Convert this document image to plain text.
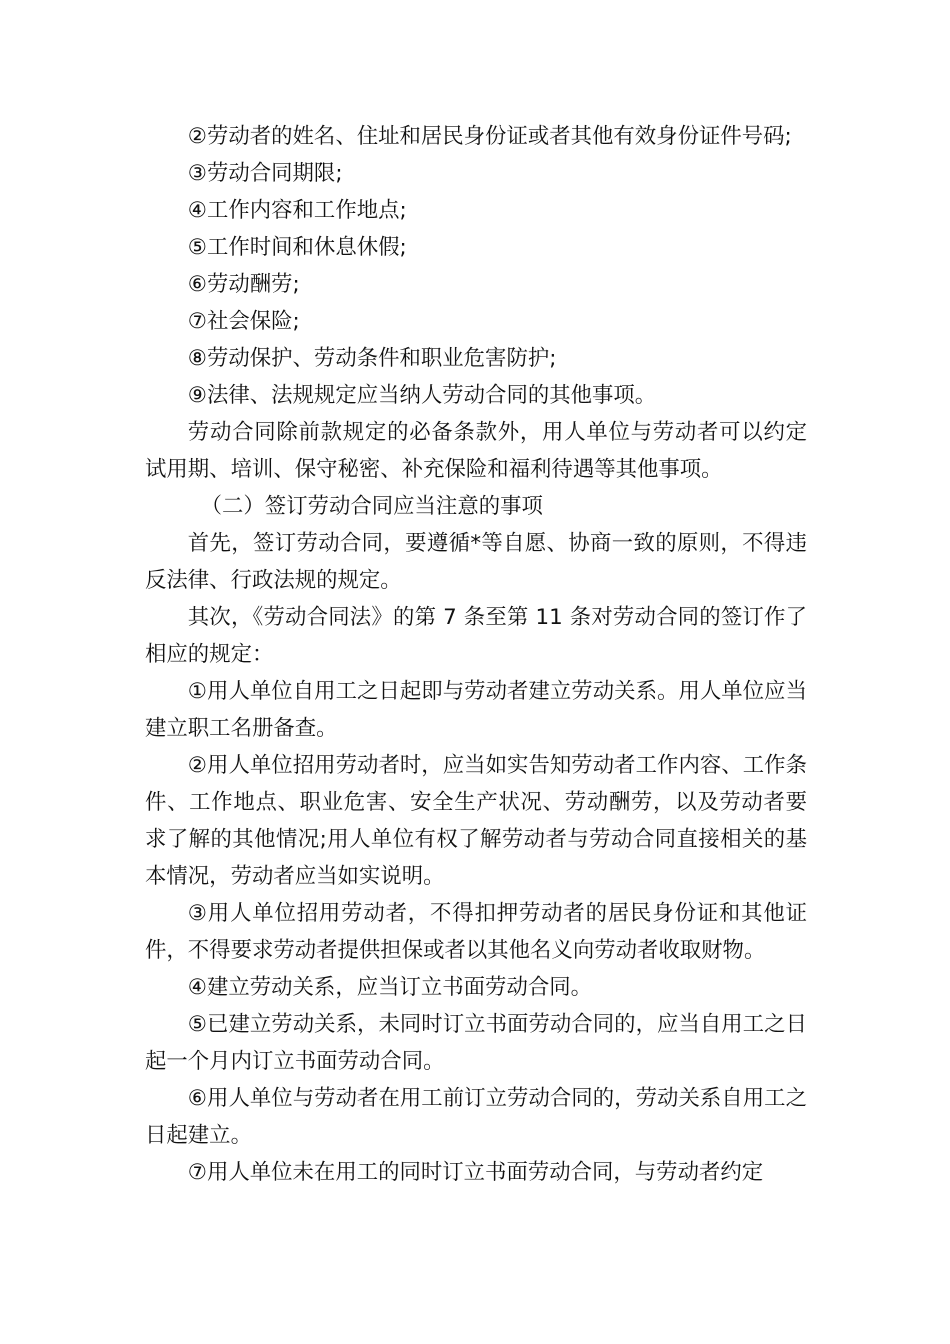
②劳动者的姓名、住址和居民身份证或者其他有效身份证件号码;

③劳动合同期限;

④工作内容和工作地点;

⑤工作时间和休息休假;

⑥劳动酬劳;

⑦社会保险;

⑧劳动保护、劳动条件和职业危害防护;

⑨法律、法规规定应当纳人劳动合同的其他事项。

劳动合同除前款规定的必备条款外，用人单位与劳动者可以约定试用期、培训、保守秘密、补充保险和福利待遇等其他事项。

（二）签订劳动合同应当注意的事项

首先，签订劳动合同，要遵循*等自愿、协商一致的原则，不得违反法律、行政法规的规定。

其次，《劳动合同法》的第 7 条至第 11 条对劳动合同的签订作了相应的规定：

①用人单位自用工之日起即与劳动者建立劳动关系。用人单位应当建立职工名册备查。

②用人单位招用劳动者时，应当如实告知劳动者工作内容、工作条件、工作地点、职业危害、安全生产状况、劳动酬劳，以及劳动者要求了解的其他情况;用人单位有权了解劳动者与劳动合同直接相关的基本情况，劳动者应当如实说明。

③用人单位招用劳动者，不得扣押劳动者的居民身份证和其他证件，不得要求劳动者提供担保或者以其他名义向劳动者收取财物。

④建立劳动关系，应当订立书面劳动合同。

⑤已建立劳动关系，未同时订立书面劳动合同的，应当自用工之日起一个月内订立书面劳动合同。

⑥用人单位与劳动者在用工前订立劳动合同的，劳动关系自用工之日起建立。

⑦用人单位未在用工的同时订立书面劳动合同，与劳动者约定
